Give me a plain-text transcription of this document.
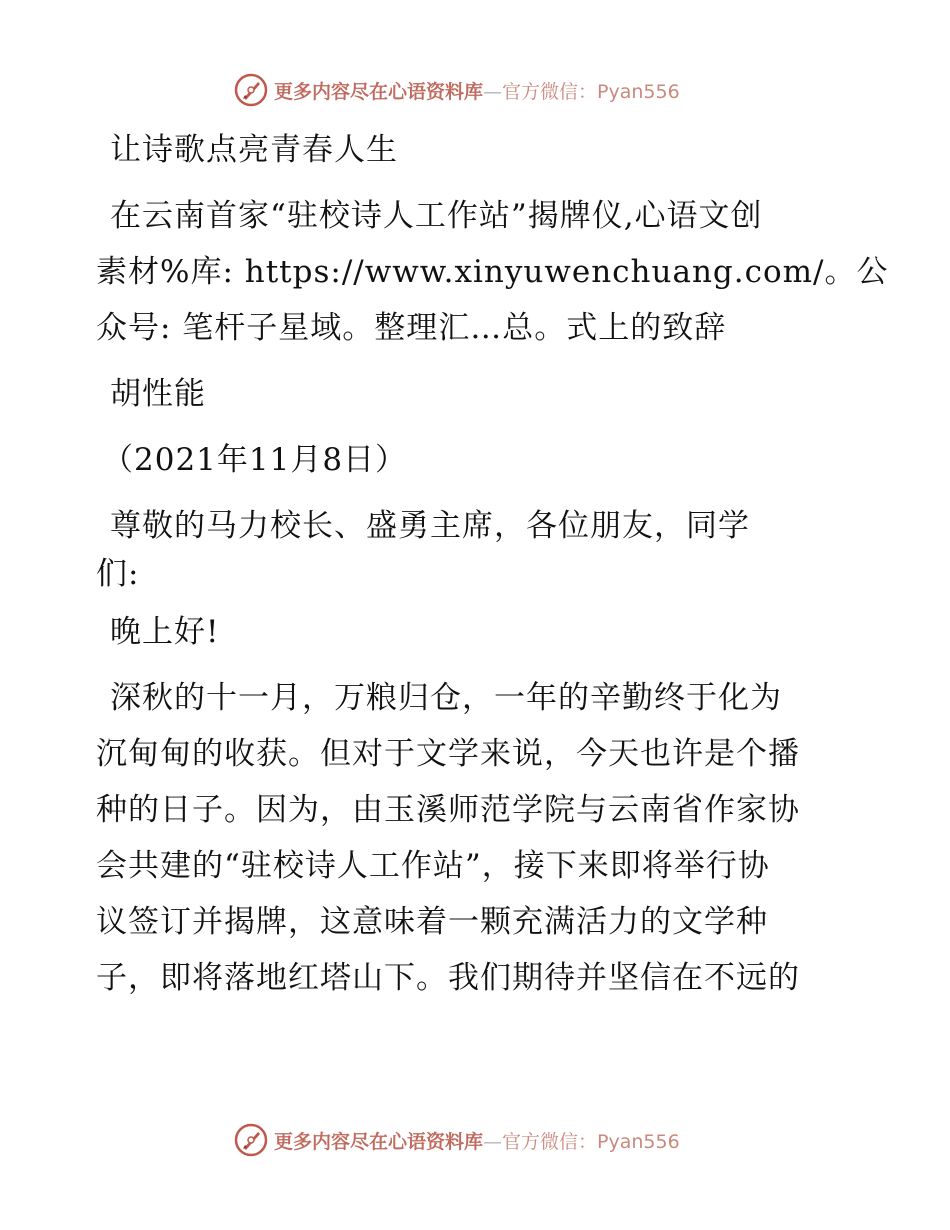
更多内容尽在心语资料库—官方微信：Pyan556

让诗歌点亮青春人生

在云南首家“驻校诗人工作站”揭牌仪,心语文创

素材%库: https://www.xinyuwenchuang.com/。公

众号: 笔杆子星域。整理汇…总。式上的致辞

胡性能

（2021年11月8日）

尊敬的马力校长、盛勇主席，各位朋友，同学

们:

晚上好!

深秋的十一月，万粮归仓，一年的辛勤终于化为

沉甸甸的收获。但对于文学来说，今天也许是个播

种的日子。因为，由玉溪师范学院与云南省作家协

会共建的“驻校诗人工作站”，接下来即将举行协

议签订并揭牌，这意味着一颗充满活力的文学种

子，即将落地红塔山下。我们期待并坚信在不远的

更多内容尽在心语资料库—官方微信：Pyan556
